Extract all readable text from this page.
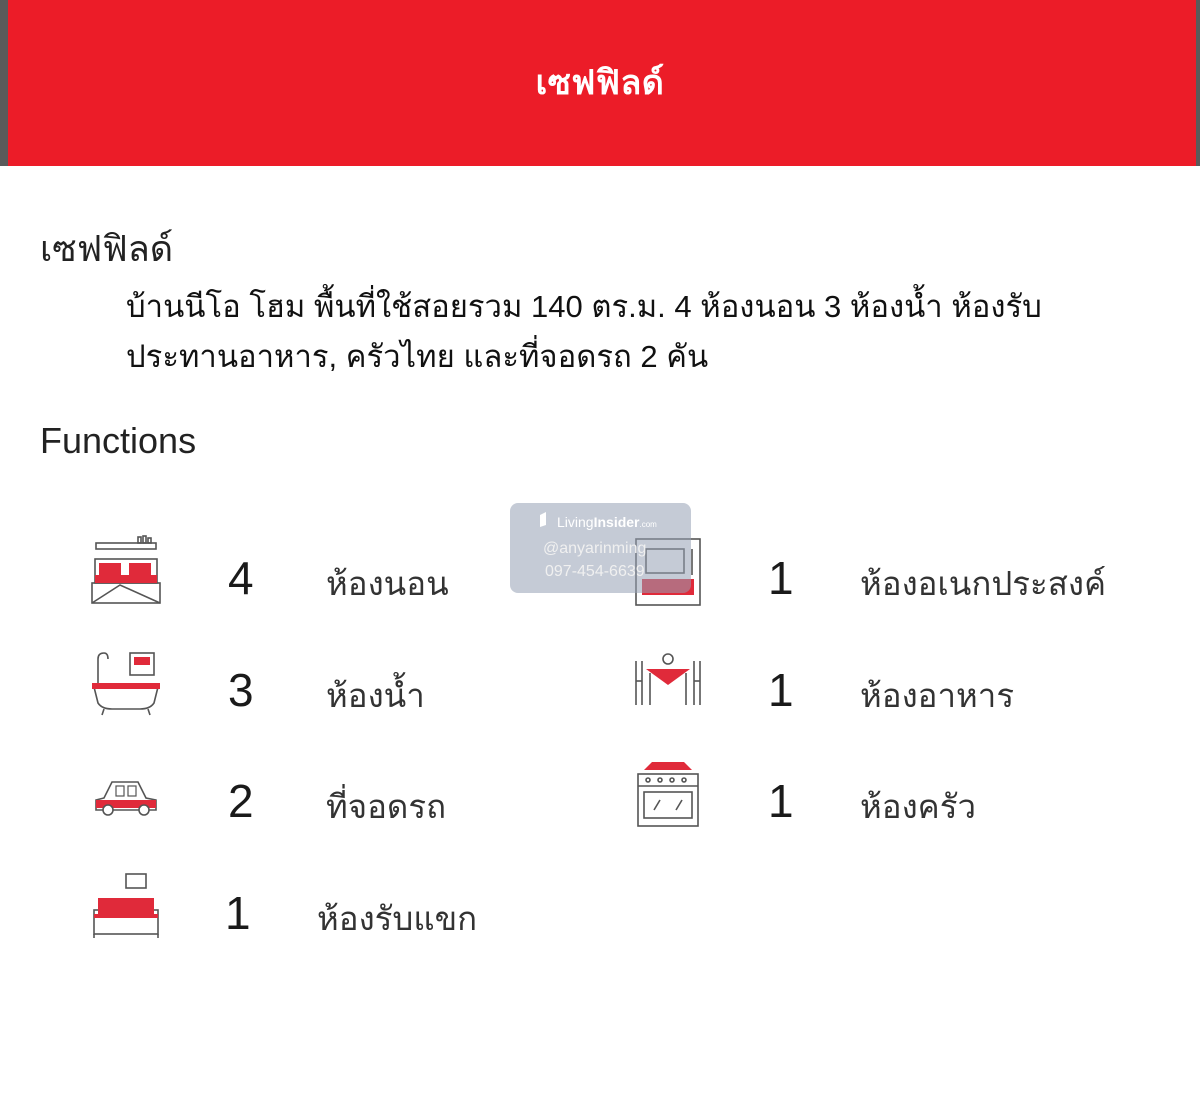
เซฟฟิลด์
เซฟฟิลด์
บ้านนีโอ โฮม พื้นที่ใช้สอยรวม 140 ตร.ม. 4 ห้องนอน 3 ห้องน้ำ ห้องรับประทานอาหาร, ครัวไทย และที่จอดรถ 2 คัน
Functions
4 ห้องนอน
3 ห้องน้ำ
2 ที่จอดรถ
1 ห้องรับแขก
1 ห้องอเนกประสงค์
1 ห้องอาหาร
1 ห้องครัว
LivingInsider.com
@anyarinming
097-454-6639
